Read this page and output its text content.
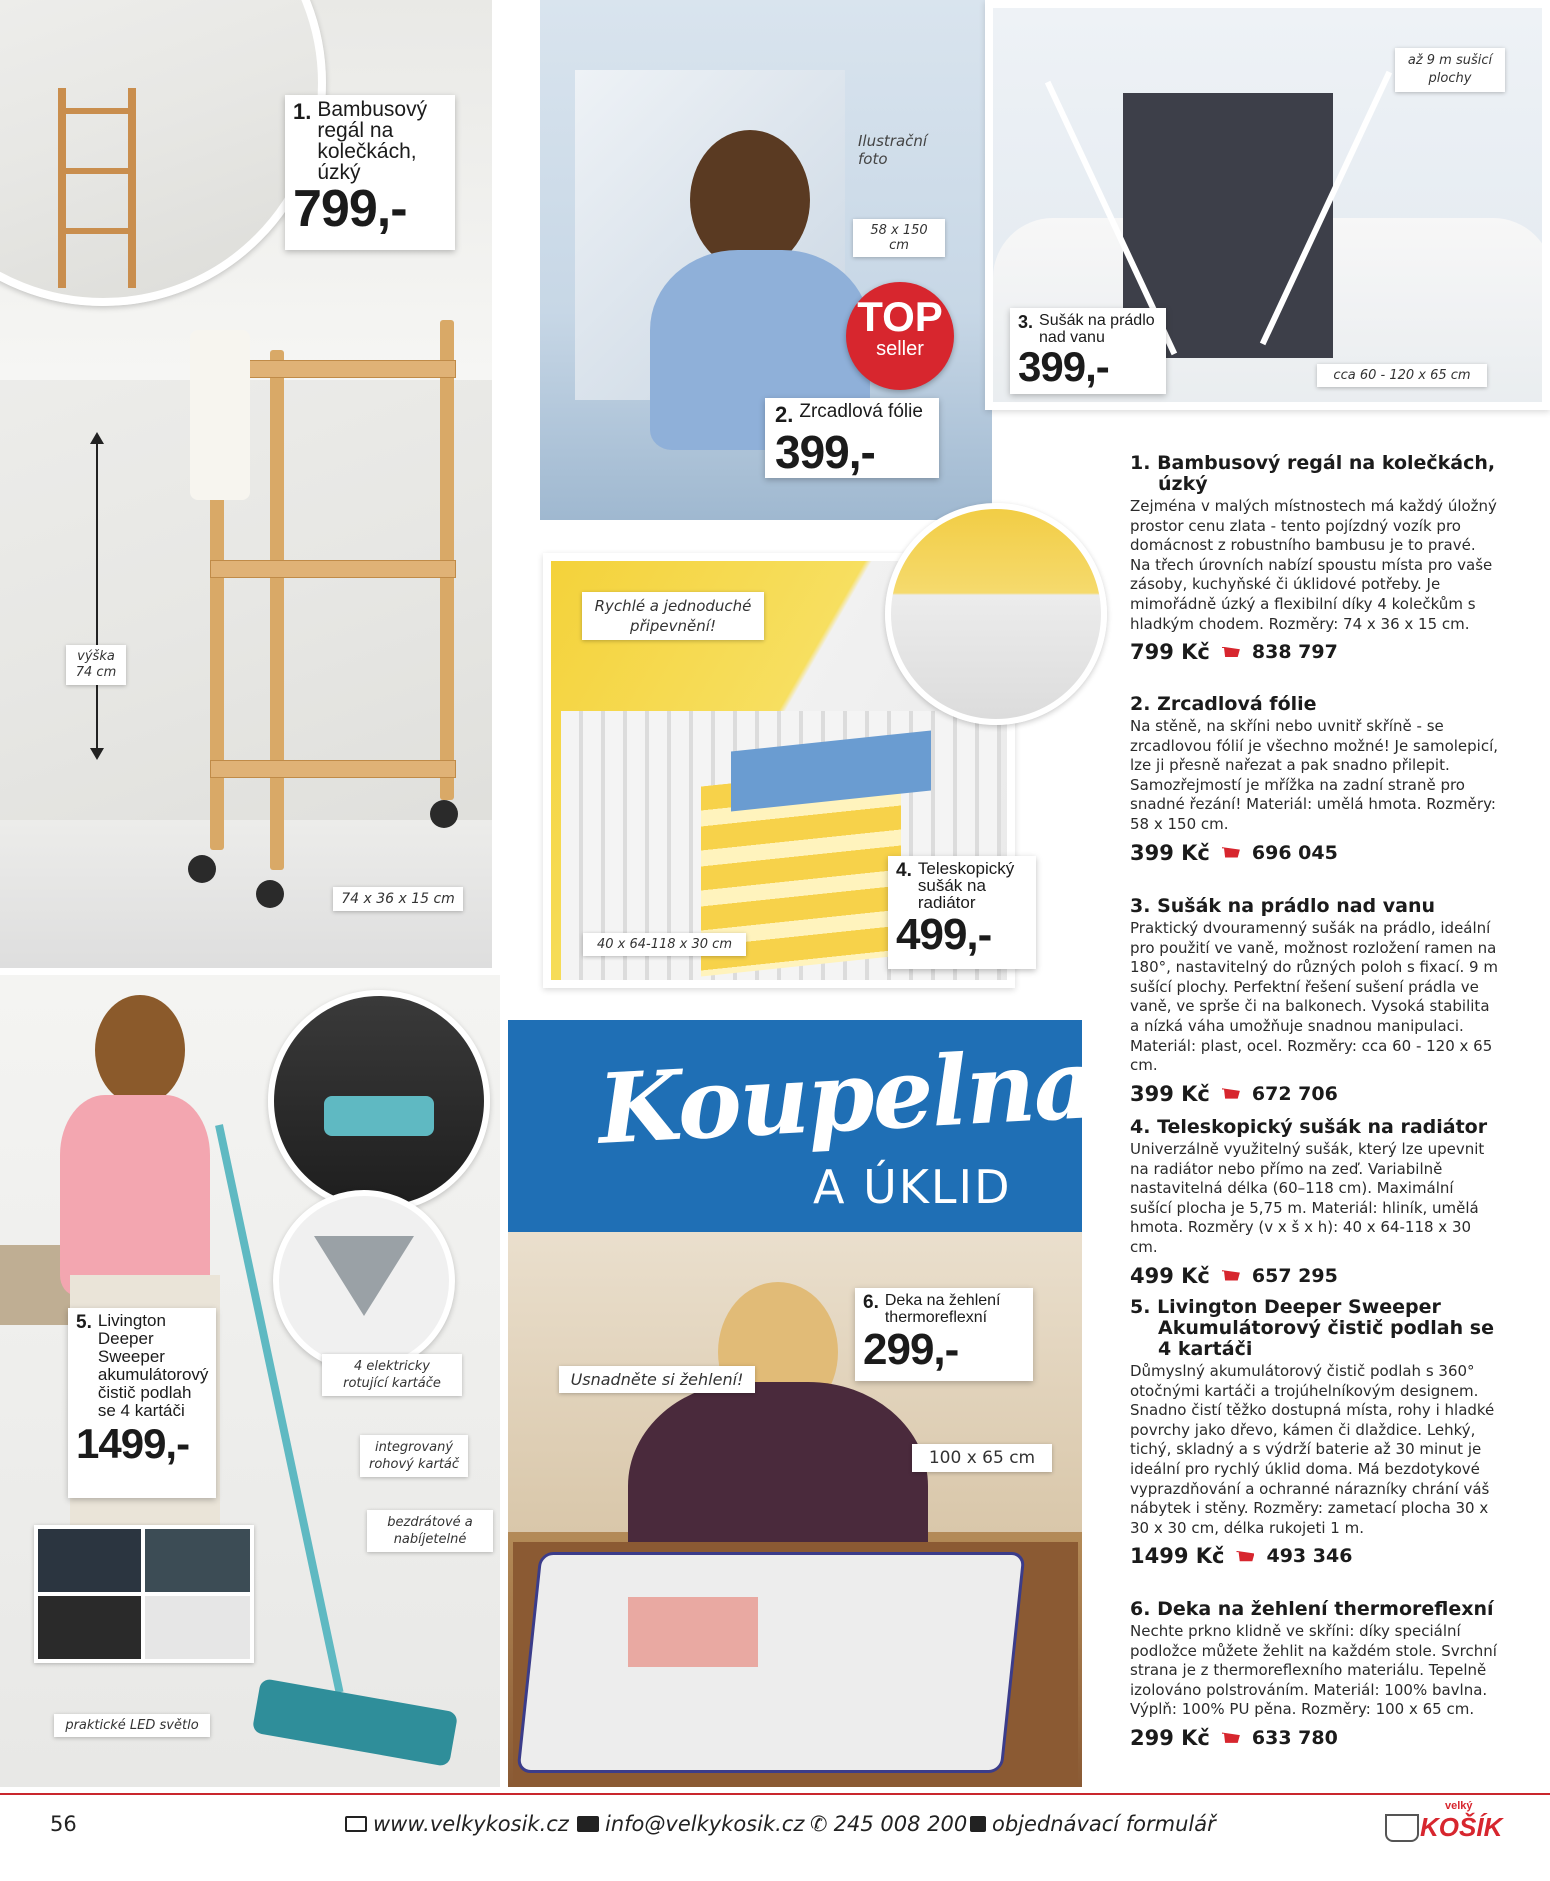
výška 74 cm
74 x 36 x 15 cm
1. Bambusový regál na kolečkách, úzký
799,-
Ilustrační foto
58 x 150 cm
TOP
seller
2. Zrcadlová fólie
399,-
až 9 m sušicí plochy
cca 60 - 120 x 65 cm
3. Sušák na prádlo nad vanu
399,-
Rychlé a jednoduché připevnění!
40 x 64-118 x 30 cm
4. Teleskopický sušák na radiátor
499,-
4 elektricky rotující kartáče
integrovaný rohový kartáč
bezdrátové a nabíjetelné
praktické LED světlo
5. Livington Deeper Sweeper akumulátorový čistič podlah se 4 kartáči
1499,-
Koupelna
A ÚKLID
Usnadněte si žehlení!
100 x 65 cm
6. Deka na žehlení thermoreflexní
299,-
1. Bambusový regál na kolečkách, úzký

Zejména v malých místnostech má každý úložný prostor cenu zlata - tento pojízdný vozík pro domácnost z robustního bambusu je to pravé. Na třech úrovních nabízí spoustu místa pro vaše zásoby, kuchyňské či úklidové potřeby. Je mimořádně úzký a flexibilní díky 4 kolečkům s hladkým chodem. Rozměry: 74 x 36 x 15 cm.

799 Kč 838 797
2. Zrcadlová fólie

Na stěně, na skříni nebo uvnitř skříně - se zrcadlovou fólií je všechno možné! Je samolepicí, lze ji přesně nařezat a pak snadno přilepit. Samozřejmostí je mřížka na zadní straně pro snadné řezání! Materiál: umělá hmota. Rozměry: 58 x 150 cm.

399 Kč 696 045
3. Sušák na prádlo nad vanu

Praktický dvouramenný sušák na prádlo, ideální pro použití ve vaně, možnost rozložení ramen na 180°, nastavitelný do různých poloh s fixací. 9 m sušící plochy. Perfektní řešení sušení prádla ve vaně, ve sprše či na balkonech. Vysoká stabilita a nízká váha umožňuje snadnou manipulaci. Materiál: plast, ocel. Rozměry: cca 60 - 120 x 65 cm.

399 Kč 672 706
4. Teleskopický sušák na radiátor

Univerzálně využitelný sušák, který lze upevnit na radiátor nebo přímo na zeď. Variabilně nastavitelná délka (60–118 cm). Maximální sušící plocha je 5,75 m. Materiál: hliník, umělá hmota. Rozměry (v x š x h): 40 x 64-118 x 30 cm.

499 Kč 657 295
5. Livington Deeper Sweeper Akumulátorový čistič podlah se 4 kartáči

Důmyslný akumulátorový čistič podlah s 360° otočnými kartáči a trojúhelníkovým designem. Snadno čistí těžko dostupná místa, rohy i hladké povrchy jako dřevo, kámen či dlaždice. Lehký, tichý, skladný a s výdrží baterie až 30 minut je ideální pro rychlý úklid doma. Má bezdotykové vyprazdňování a ochranné nárazníky chrání váš nábytek i stěny. Rozměry: zametací plocha 30 x 30 x 30 cm, délka rukojeti 1 m.

1499 Kč 493 346
6. Deka na žehlení thermoreflexní

Nechte prkno klidně ve skříni: díky speciální podložce můžete žehlit na každém stole. Svrchní strana je z thermoreflexního materiálu. Tepelně izolováno polstrováním. Materiál: 100% bavlna. Výplň: 100% PU pěna. Rozměry: 100 x 65 cm.

299 Kč 633 780
56	www.velkykosik.cz info@velkykosik.cz ✆ 245 008 200 objednávací formulář
velký
KOŠÍK
